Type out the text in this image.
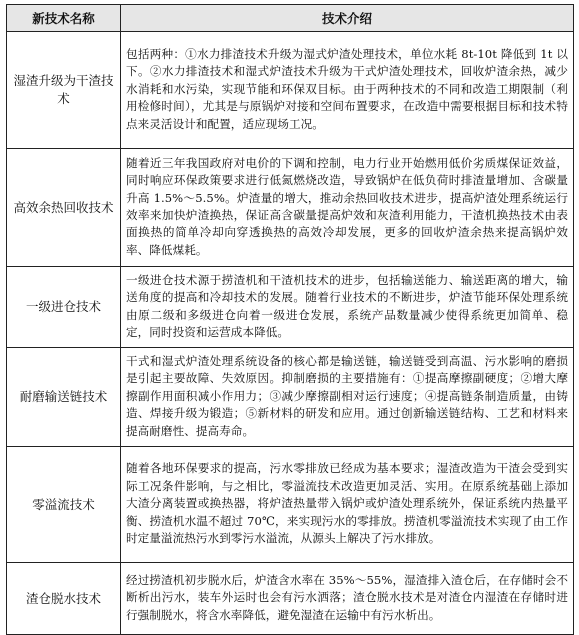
新技术名称	技术介绍
湿渣升级为干渣技术	包括两种：①水力排渣技术升级为湿式炉渣处理技术，单位水耗 8t-10t 降低到 1t 以下。②水力排渣技术和湿式炉渣技术升级为干式炉渣处理技术，回收炉渣余热，减少水消耗和水污染，实现节能和环保双目标。由于两种技术的不同和改造工期限制（利用检修时间），尤其是与原锅炉对接和空间布置要求，在改造中需要根据目标和技术特点来灵活设计和配置，适应现场工况。
高效余热回收技术	随着近三年我国政府对电价的下调和控制，电力行业开始燃用低价劣质煤保证效益，同时响应环保政策要求进行低氮燃烧改造，导致锅炉在低负荷时排渣量增加、含碳量升高 1.5%～5.5%。炉渣量的增大，推动余热回收技术进步，提高炉渣处理系统运行效率来加快炉渣换热，保证高含碳量提高炉效和灰渣利用能力，干渣机换热技术由表面换热的简单冷却向穿透换热的高效冷却发展，更多的回收炉渣余热来提高锅炉效率、降低煤耗。
一级进仓技术	一级进仓技术源于捞渣机和干渣机技术的进步，包括输送能力、输送距离的增大，输送角度的提高和冷却技术的发展。随着行业技术的不断进步，炉渣节能环保处理系统由原二级和多级进仓向着一级进仓发展，系统产品数量减少使得系统更加简单、稳定，同时投资和运营成本降低。
耐磨输送链技术	干式和湿式炉渣处理系统设备的核心都是输送链，输送链受到高温、污水影响的磨损是引起主要故障、失效原因。抑制磨损的主要措施有：①提高摩擦副硬度；②增大摩擦副作用面积减小作用力；③减少摩擦副相对运行速度；④提高链条制造质量，由铸造、焊接升级为锻造；⑤新材料的研发和应用。通过创新输送链结构、工艺和材料来提高耐磨性、提高寿命。
零溢流技术	随着各地环保要求的提高，污水零排放已经成为基本要求；湿渣改造为干渣会受到实际工况条件影响，与之相比，零溢流技术改造更加灵活、实用。在原系统基础上添加大渣分离装置或换热器，将炉渣热量带入锅炉或炉渣处理系统外，保证系统内热量平衡、捞渣机水温不超过 70℃，来实现污水的零排放。捞渣机零溢流技术实现了由工作时定量溢流热污水到零污水溢流，从源头上解决了污水排放。
渣仓脱水技术	经过捞渣机初步脱水后，炉渣含水率在 35%～55%，湿渣排入渣仓后，在存储时会不断析出污水，装车外运时也会有污水洒落；渣仓脱水技术是对渣仓内湿渣在存储时进行强制脱水，将含水率降低，避免湿渣在运输中有污水析出。
